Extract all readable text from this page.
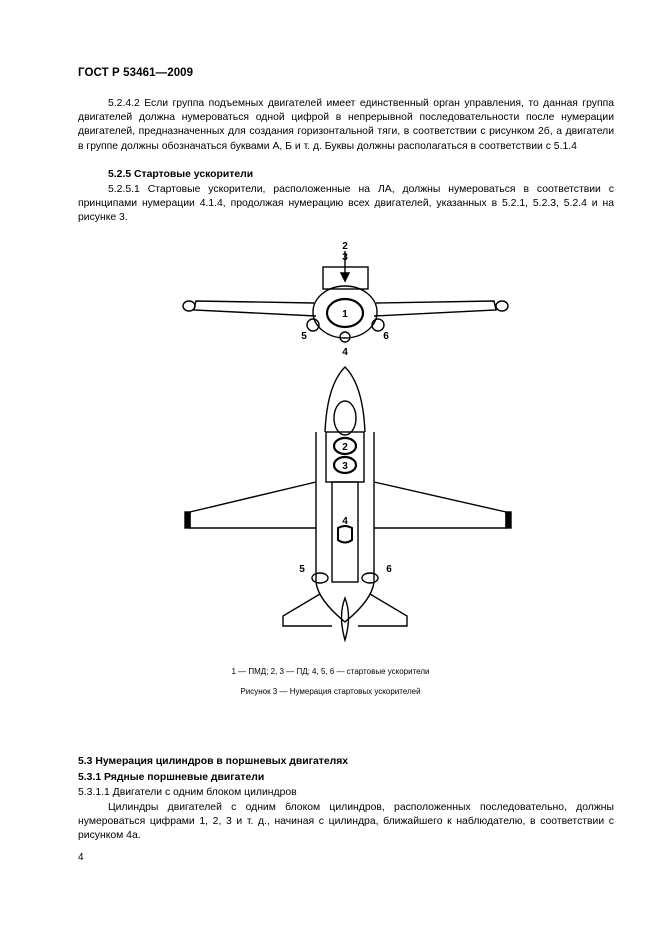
ГОСТ Р 53461—2009

5.2.4.2 Если группа подъемных двигателей имеет единственный орган управления, то данная группа двигателей должна нумероваться одной цифрой в непрерывной последовательности после нумерации двигателей, предназначенных для создания горизонтальной тяги, в соответствии с рисунком 2б, а двигатели в группе должны обозначаться буквами А, Б и т. д. Буквы должны располагаться в соответствии с 5.1.4

5.2.5 Стартовые ускорители

5.2.5.1 Стартовые ускорители, расположенные на ЛА, должны нумероваться в соответствии с принципами нумерации 4.1.4, продолжая нумерацию всех двигателей, указанных в 5.2.1, 5.2.3, 5.2.4 и на рисунке 3.

2
3
1
5	6
4
2
3
4
5	6
1 — ПМД; 2, 3 — ПД; 4, 5, 6 — стартовые ускорители
Рисунок 3 — Нумерация стартовых ускорителей

5.3 Нумерация цилиндров в поршневых двигателях

5.3.1 Рядные поршневые двигатели

5.3.1.1 Двигатели с одним блоком цилиндров

Цилиндры двигателей с одним блоком цилиндров, расположенных последовательно, должны нумероваться цифрами 1, 2, 3 и т. д., начиная с цилиндра, ближайшего к наблюдателю, в соответствии с рисунком 4а.

4
